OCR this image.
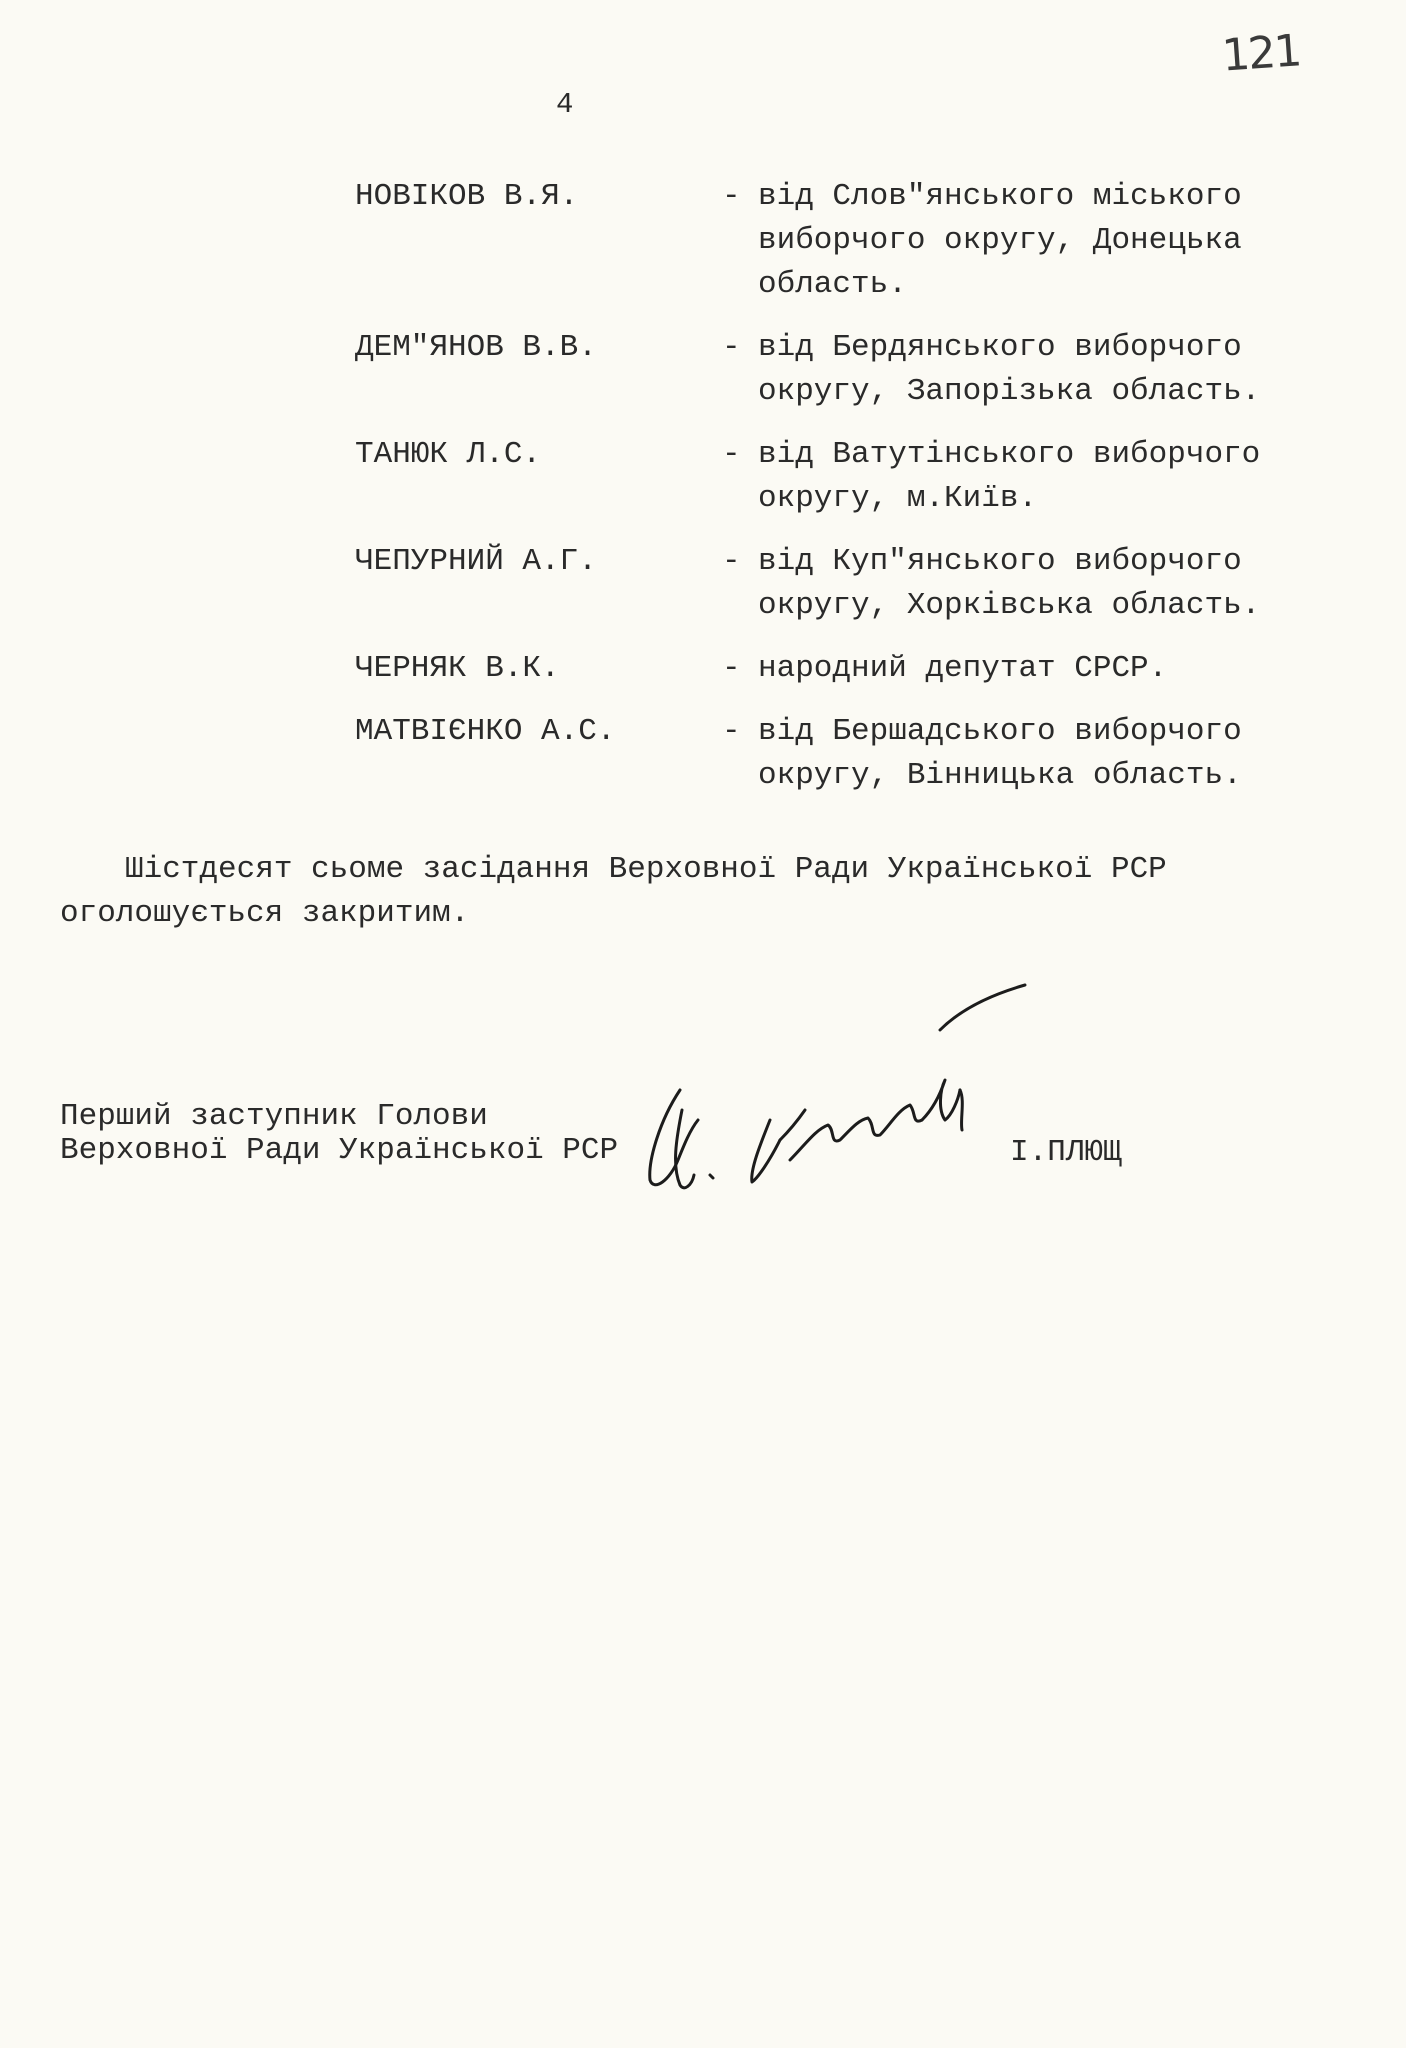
121
4
НОВІКОВ В.Я.	- від Слов"янського міського
виборчого округу, Донецька
область.
ДЕМ"ЯНОВ В.В.	- від Бердянського виборчого
округу, Запорізька область.
ТАНЮК Л.С.	- від Ватутінського виборчого
округу, м.Київ.
ЧЕПУРНИЙ А.Г.	- від Куп"янського виборчого
округу, Хорківська область.
ЧЕРНЯК В.К.	- народний депутат СРСР.
МАТВІЄНКО А.С.	- від Бершадського виборчого
округу, Вінницька область.
Шістдесят сьоме засідання Верховної Ради Української РСР оголошується закритим.
Перший заступник Голови
Верховної Ради Української РСР	І.ПЛЮЩ
